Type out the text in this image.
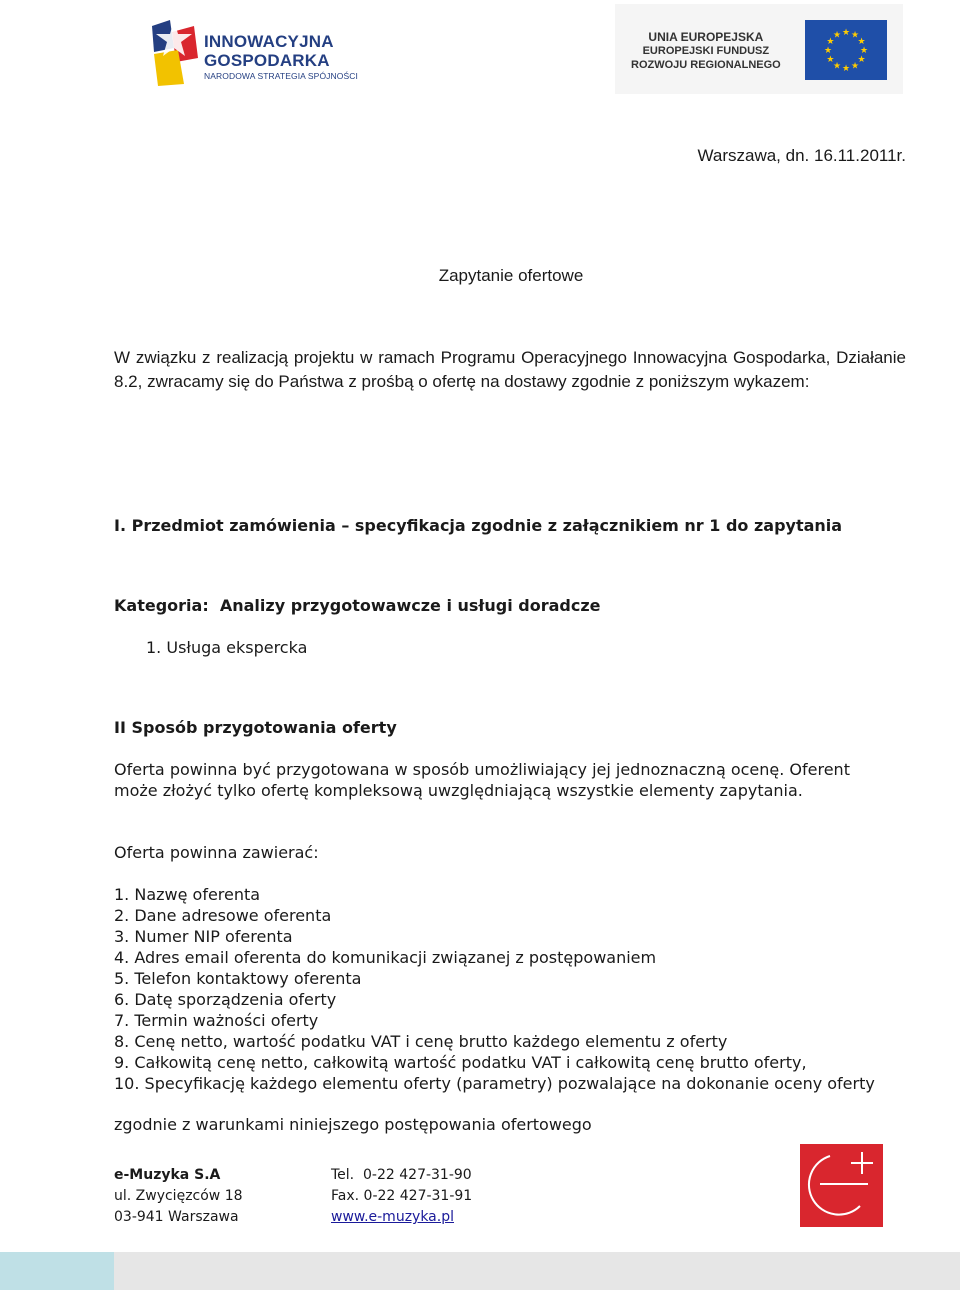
INNOWACYJNA
GOSPODARKA
NARODOWA STRATEGIA SPÓJNOŚCI
UNIA EUROPEJSKA
EUROPEJSKI FUNDUSZ
ROZWOJU REGIONALNEGO
★ ★
★
★
★
★
★
★
★
★
★
★
Warszawa, dn. 16.11.2011r.
Zapytanie ofertowe
W związku z realizacją projektu w ramach Programu Operacyjnego Innowacyjna Gospodarka, Działanie 8.2, zwracamy się do Państwa z prośbą o ofertę na dostawy zgodnie z poniższym wykazem:
I. Przedmiot zamówienia – specyfikacja zgodnie z załącznikiem nr 1 do zapytania
Kategoria:  Analizy przygotowawcze i usługi doradcze
1. Usługa ekspercka
II Sposób przygotowania oferty
Oferta powinna być przygotowana w sposób umożliwiający jej jednoznaczną ocenę. Oferent może złożyć tylko ofertę kompleksową uwzględniającą wszystkie elementy zapytania.
Oferta powinna zawierać:
1. Nazwę oferenta
2. Dane adresowe oferenta
3. Numer NIP oferenta
4. Adres email oferenta do komunikacji związanej z postępowaniem
5. Telefon kontaktowy oferenta
6. Datę sporządzenia oferty
7. Termin ważności oferty
8. Cenę netto, wartość podatku VAT i cenę brutto każdego elementu z oferty
9. Całkowitą cenę netto, całkowitą wartość podatku VAT i całkowitą cenę brutto oferty,
10. Specyfikację każdego elementu oferty (parametry) pozwalające na dokonanie oceny oferty
zgodnie z warunkami niniejszego postępowania ofertowego
e-Muzyka S.A
ul. Zwycięzców 18
03-941 Warszawa
Tel.  0-22 427-31-90
Fax. 0-22 427-31-91
www.e-muzyka.pl
